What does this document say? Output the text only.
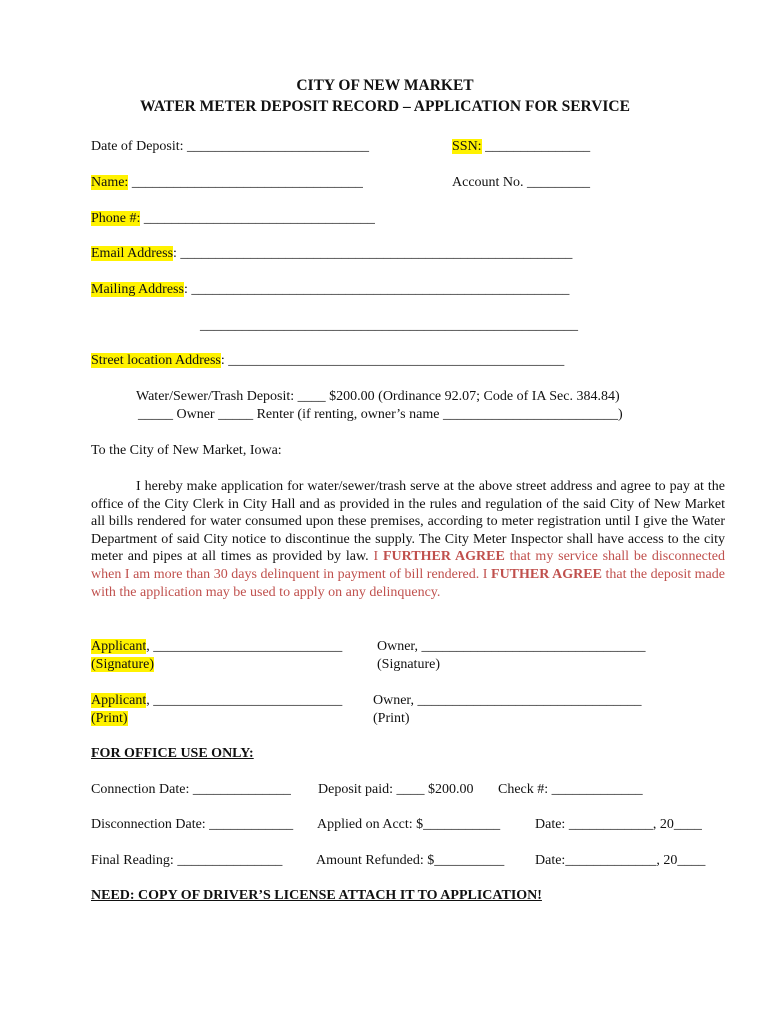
CITY OF NEW MARKET
WATER METER DEPOSIT RECORD – APPLICATION FOR SERVICE
Date of Deposit: __________________________	SSN: _______________
Name: _________________________________	Account No. _________
Phone #: _________________________________
Email Address: ________________________________________________________
Mailing Address: ______________________________________________________
______________________________________________________
Street location Address: ________________________________________________
Water/Sewer/Trash Deposit: ____ $200.00 (Ordinance 92.07; Code of IA Sec. 384.84)
_____ Owner _____ Renter (if renting, owner’s name _________________________)
To the City of New Market, Iowa:
I hereby make application for water/sewer/trash serve at the above street address and agree to pay at the office of the City Clerk in City Hall and as provided in the rules and regulation of the said City of New Market all bills rendered for water consumed upon these premises, according to meter registration until I give the Water Department of said City notice to discontinue the supply. The City Meter Inspector shall have access to the city meter and pipes at all times as provided by law. I FURTHER AGREE that my service shall be disconnected when I am more than 30 days delinquent in payment of bill rendered. I FUTHER AGREE that the deposit made with the application may be used to apply on any delinquency.
Applicant, ___________________________
(Signature)
Owner, ________________________________
(Signature)
Applicant, ___________________________
(Print)
Owner, ________________________________
(Print)
FOR OFFICE USE ONLY:
Connection Date: ______________ Deposit paid: ____ $200.00 Check #: _____________
Disconnection Date: ____________ Applied on Acct: $___________ Date: ____________, 20____
Final Reading: _______________ Amount Refunded: $__________ Date:_____________, 20____
NEED: COPY OF DRIVER’S LICENSE ATTACH IT TO APPLICATION!
